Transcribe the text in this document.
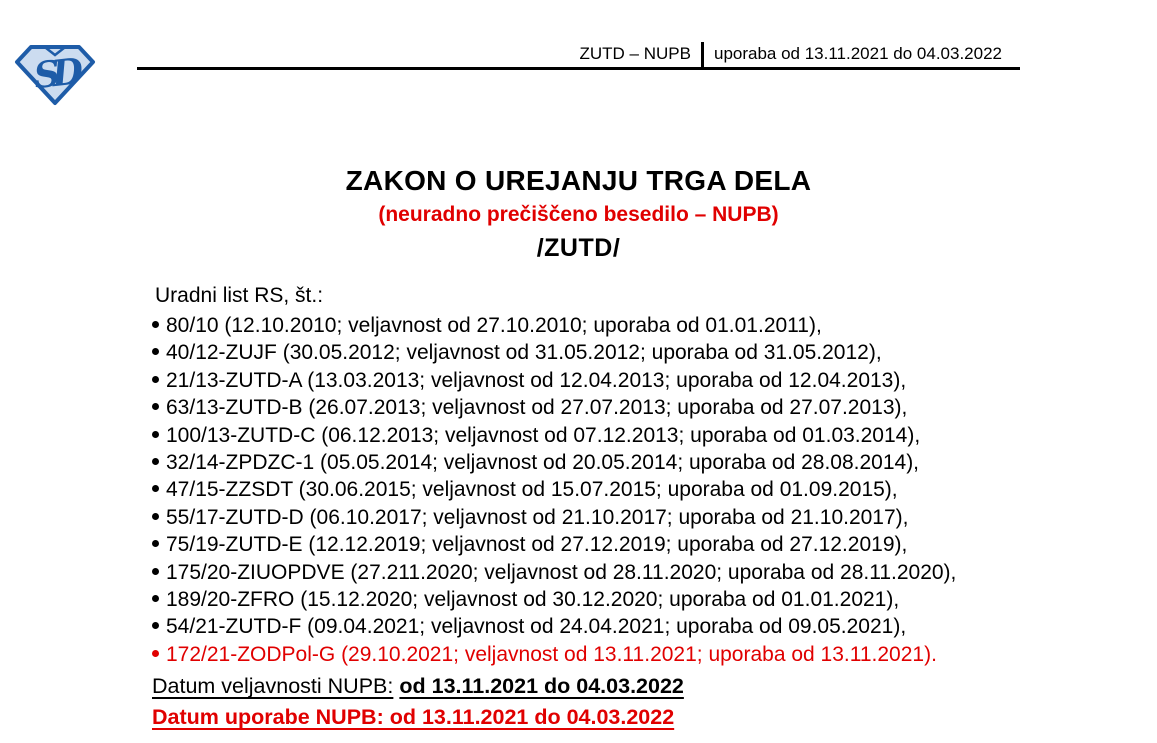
SD	ZUTD – NUPB uporaba od 13.11.2021 do 04.03.2022
ZAKON O UREJANJU TRGA DELA
(neuradno prečiščeno besedilo – NUPB)
/ZUTD/
Uradni list RS, št.:
80/10 (12.10.2010; veljavnost od 27.10.2010; uporaba od 01.01.2011),
40/12-ZUJF (30.05.2012; veljavnost od 31.05.2012; uporaba od 31.05.2012),
21/13-ZUTD-A (13.03.2013; veljavnost od 12.04.2013; uporaba od 12.04.2013),
63/13-ZUTD-B (26.07.2013; veljavnost od 27.07.2013; uporaba od 27.07.2013),
100/13-ZUTD-C (06.12.2013; veljavnost od 07.12.2013; uporaba od 01.03.2014),
32/14-ZPDZC-1 (05.05.2014; veljavnost od 20.05.2014; uporaba od 28.08.2014),
47/15-ZZSDT (30.06.2015; veljavnost od 15.07.2015; uporaba od 01.09.2015),
55/17-ZUTD-D (06.10.2017; veljavnost od 21.10.2017; uporaba od 21.10.2017),
75/19-ZUTD-E (12.12.2019; veljavnost od 27.12.2019; uporaba od 27.12.2019),
175/20-ZIUOPDVE (27.211.2020; veljavnost od 28.11.2020; uporaba od 28.11.2020),
189/20-ZFRO (15.12.2020; veljavnost od 30.12.2020; uporaba od 01.01.2021),
54/21-ZUTD-F (09.04.2021; veljavnost od 24.04.2021; uporaba od 09.05.2021),
172/21-ZODPol-G (29.10.2021; veljavnost od 13.11.2021; uporaba od 13.11.2021).
Datum veljavnosti NUPB: od 13.11.2021 do 04.03.2022
Datum uporabe NUPB: od 13.11.2021 do 04.03.2022
